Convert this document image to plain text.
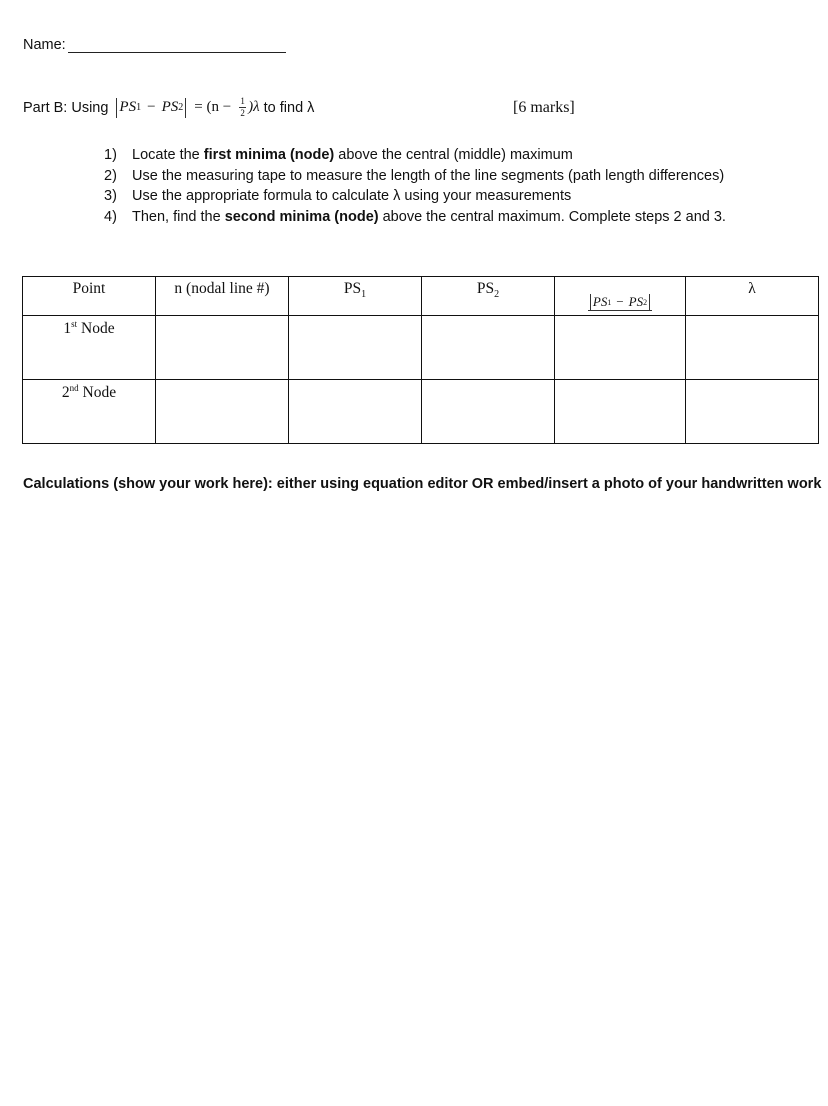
Name:
Part B: Using PS 1 − PS $2 = (n - \frac{1}{2} )\lambda$ to find λ	[6 marks]
1)	Locate the first minima (node) above the central (middle) maximum
2)	Use the measuring tape to measure the length of the line segments (path length differences)
3)	Use the appropriate formula to calculate λ using your measurements
4)	Then, find the second minima (node) above the central maximum. Complete steps 2 and 3.
Point	n (nodal line #)	$PS_1$	$PS_2$	PS 1 − PS 2	λ
1st Node					
2nd Node					
Calculations (show your work here): either using equation editor OR embed/insert a photo of your handwritten work
